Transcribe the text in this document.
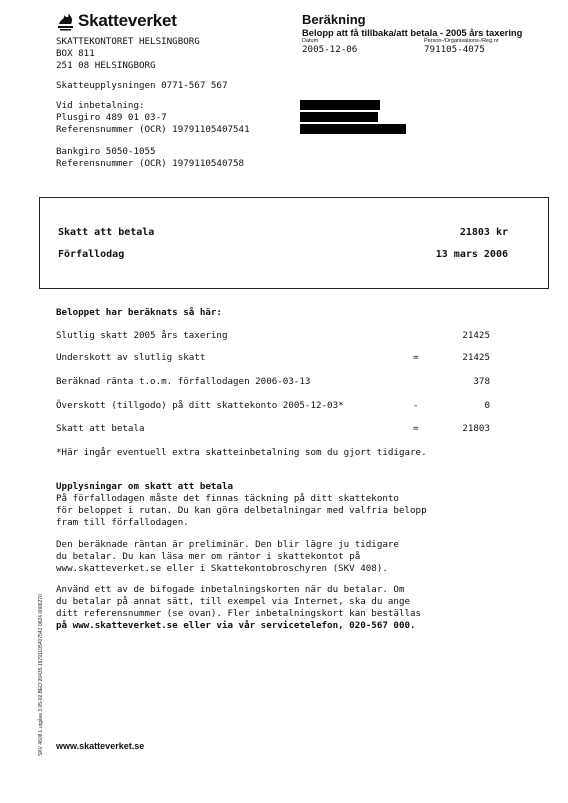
Skatteverket
SKATTEKONTORET HELSINGBORG
BOX 811
251 08 HELSINGBORG
Skatteupplysningen 0771-567 567
Beräkning
Belopp att få tillbaka/att betala - 2005 års taxering
Datum	Person-/Organisations-/Reg.nr
2005-12-06	791105-4075
Vid inbetalning:
Plusgiro 489 01 03-7
Referensnummer (OCR) 19791105407541
Bankgiro 5050-1055
Referensnummer (OCR) 1979110540758
Skatt att betala	21803 kr
Förfallodag	13 mars 2006
Beloppet har beräknats så här:
Slutlig skatt 2005 års taxering	21425
Underskott av slutlig skatt	=	21425
Beräknad ränta t.o.m. förfallodagen 2006-03-13	378
Överskott (tillgodo) på ditt skattekonto 2005-12-03*	-	0
Skatt att betala	=	21803
*Här ingår eventuell extra skatteinbetalning som du gjort tidigare.
Upplysningar om skatt att betala
På förfallodagen måste det finnas täckning på ditt skattekonto
för beloppet i rutan. Du kan göra delbetalningar med valfria belopp
fram till förfallodagen.
Den beräknade räntan är preliminär. Den blir lägre ju tidigare
du betalar. Du kan läsa mer om räntor i skattekontot på
www.skatteverket.se eller i Skattekontobroschyren (SKV 408).
Använd ett av de bifogade inbetalningskorten när du betalar. Om
du betalar på annat sätt, till exempel via Internet, ska du ange
ditt referensnummer (se ovan). Fler inbetalningskort kan beställas
på www.skatteverket.se eller via vår servicetelefon, 020-567 000.
SKV 4606 L utgåva 3 05-02 BEO 20435 19791105407541 0624 0006270 www.skatteverket.se
